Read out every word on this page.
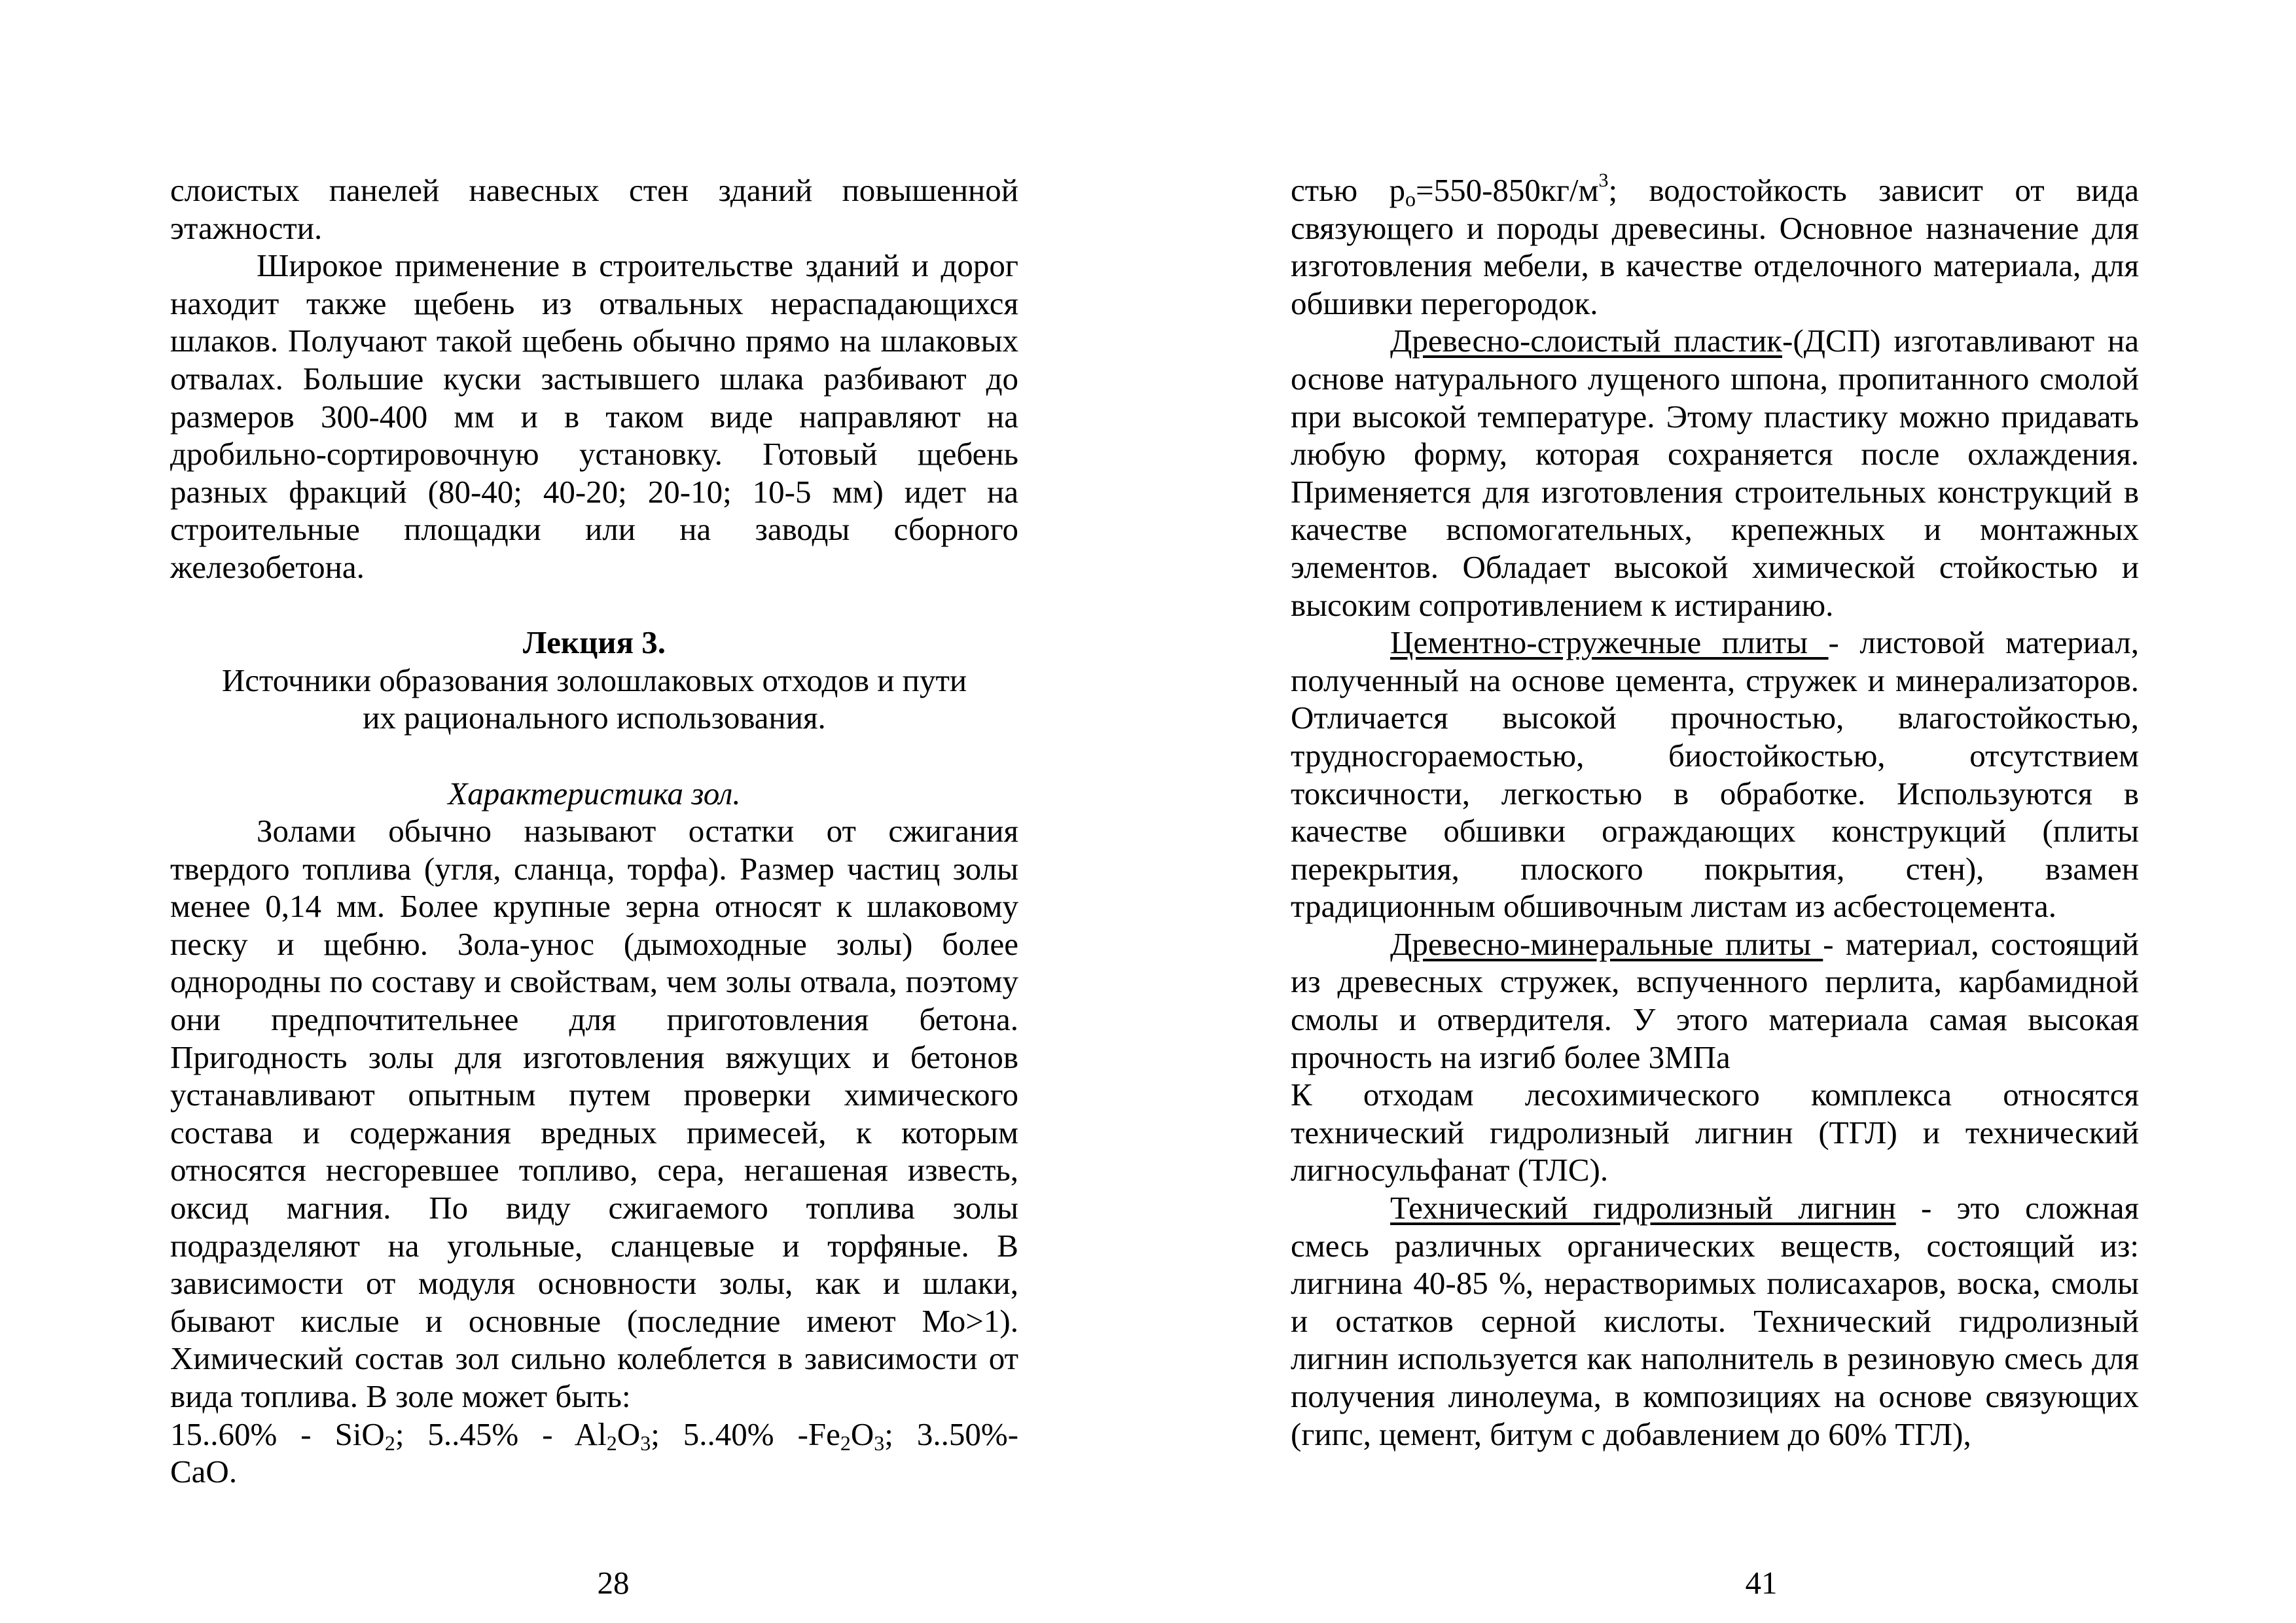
слоистых панелей навесных стен зданий повышенной этажности.

Широкое применение в строительстве зданий и дорог находит также щебень из отвальных нераспадающихся шлаков. Получают такой щебень обычно прямо на шлаковых отвалах. Большие куски застывшего шлака разбивают до размеров 300-400 мм и в таком виде направляют на дробильно-сортировочную установку. Готовый щебень разных фракций (80-40; 40-20; 20-10; 10-5 мм) идет на строительные площадки или на заводы сборного железобетона.

Лекция 3.

Источники образования золошлаковых отходов и пути

их рационального использования.

Характеристика зол.

Золами обычно называют остатки от сжигания твердого топлива (угля, сланца, торфа). Размер частиц золы менее 0,14 мм. Более крупные зерна относят к шлаковому песку и щебню. Зола-унос (дымоходные золы) более однородны по составу и свойствам, чем золы отвала, поэтому они предпочтительнее для приготовления бетона. Пригодность золы для изготовления вяжущих и бетонов устанавливают опытным путем проверки химического состава и содержания вредных примесей, к которым относятся несгоревшее топливо, сера, негашеная известь, оксид магния. По виду сжигаемого топлива золы подразделяют на угольные, сланцевые и торфяные. В зависимости от модуля основности золы, как и шлаки, бывают кислые и основные (последние имеют Мо>1). Химический состав зол сильно колеблется в зависимости от вида топлива. В золе может быть:

15..60% - SiO$_2$; $5..45\% - Al_2O_3$; 5..40% $-Fe_2O_3$; 3..50%-

CaO.

28

стью $p_o=550-850кг/м^3$; водостойкость зависит от вида связующего и породы древесины. Основное назначение для изготовления мебели, в качестве отделочного материала, для обшивки перегородок.

Древесно-слоистый пластик-(ДСП) изготавливают на основе натурального лущеного шпона, пропитанного смолой при высокой температуре. Этому пластику можно придавать любую форму, которая сохраняется после охлаждения. Применяется для изготовления строительных конструкций в качестве вспомогательных, крепежных и монтажных элементов. Обладает высокой химической стойкостью и высоким сопротивлением к истиранию.

Цементно-стружечные плиты - листовой материал, полученный на основе цемента, стружек и минерализаторов. Отличается высокой прочностью, влагостойкостью, трудносгораемостью, биостойкостью, отсутствием токсичности, легкостью в обработке. Используются в качестве обшивки ограждающих конструкций (плиты перекрытия, плоского покрытия, стен), взамен традиционным обшивочным листам из асбестоцемента.

Древесно-минеральные плиты - материал, состоящий из древесных стружек, вспученного перлита, карбамидной смолы и отвердителя. У этого материала самая высокая прочность на изгиб более 3МПа

К отходам лесохимического комплекса относятся технический гидролизный лигнин (ТГЛ) и технический лигносульфанат (ТЛС).

Технический гидролизный лигнин - это сложная смесь различных органических веществ, состоящий из: лигнина 40-85 %, нерастворимых полисахаров, воска, смолы и остатков серной кислоты. Технический гидролизный лигнин используется как наполнитель в резиновую смесь для получения линолеума, в композициях на основе связующих (гипс, цемент, битум с добавлением до 60% ТГЛ),

41
